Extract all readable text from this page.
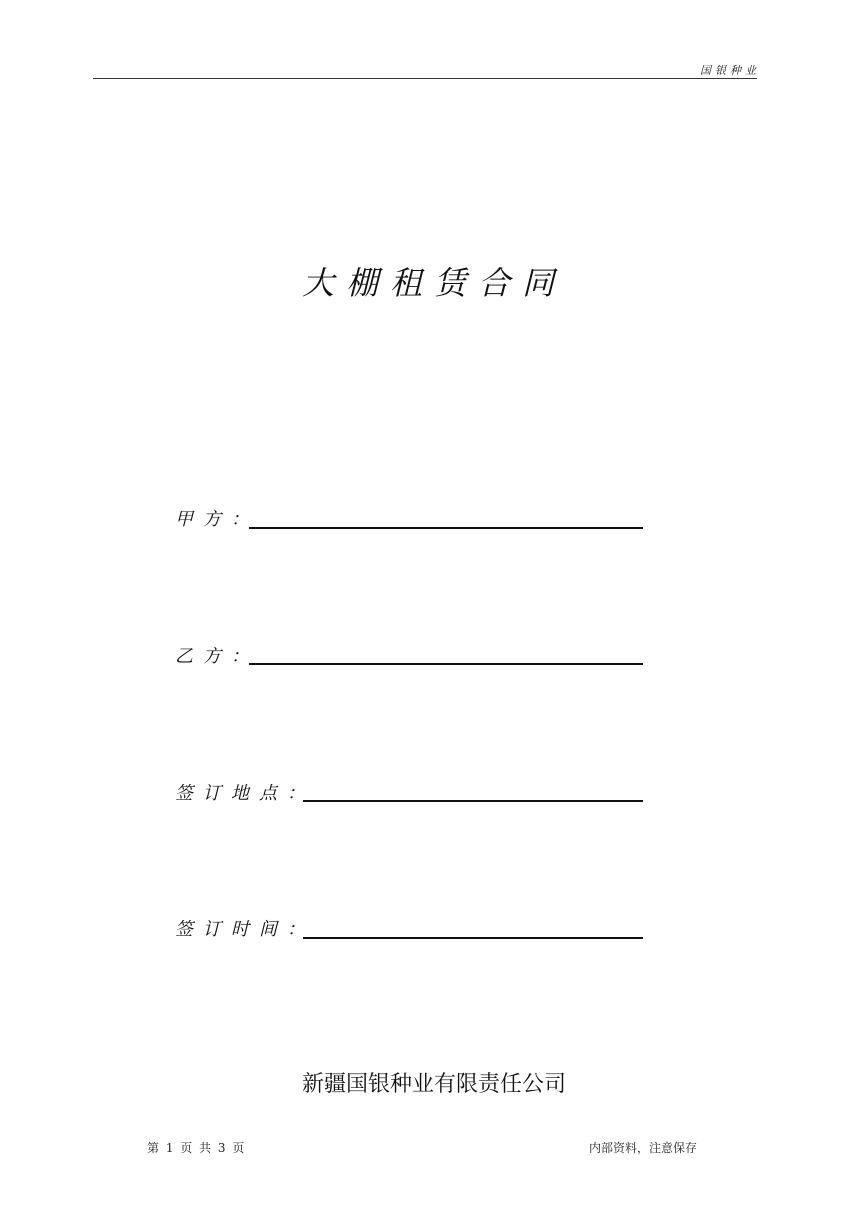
国银种业
大棚租赁合同
甲方：
乙方：
签订地点：
签订时间：
新疆国银种业有限责任公司
第 1 页 共 3 页	内部资料，注意保存
